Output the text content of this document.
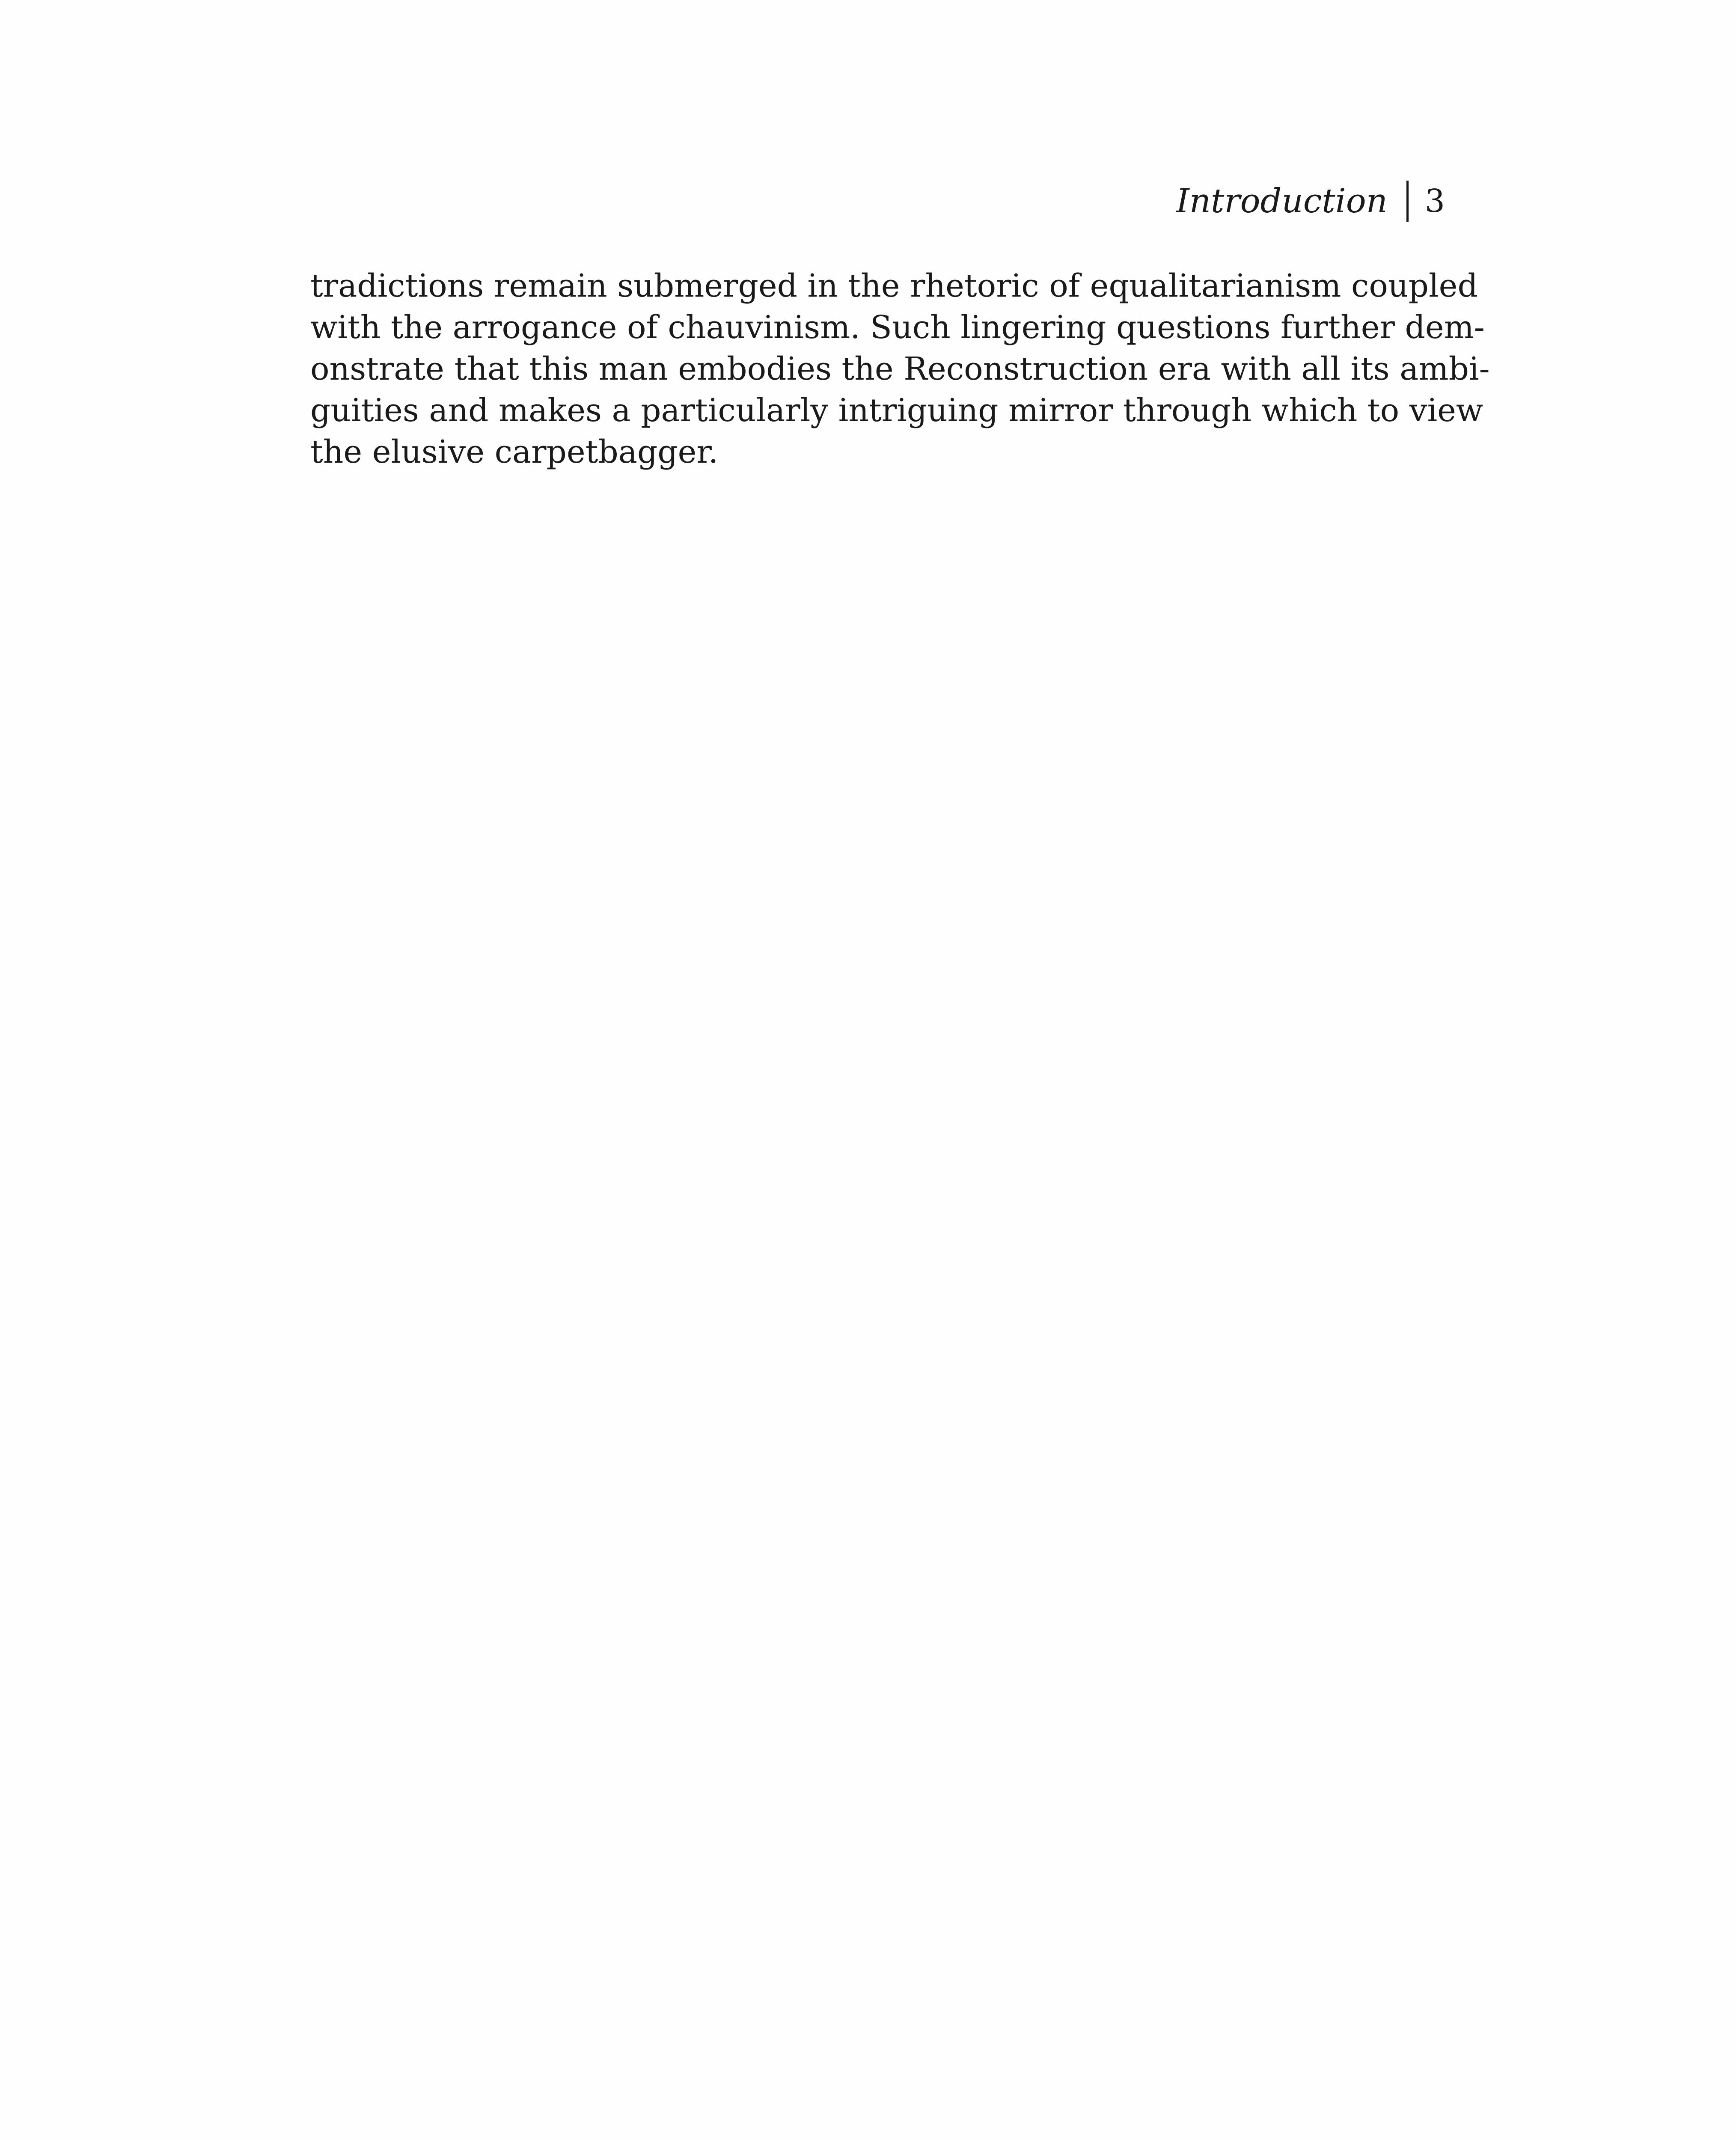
Introduction 3

tradictions remain submerged in the rhetoric of equalitarianism coupled
with the arrogance of chauvinism. Such lingering questions further dem-
onstrate that this man embodies the Reconstruction era with all its ambi-
guities and makes a particularly intriguing mirror through which to view
the elusive carpetbagger.
